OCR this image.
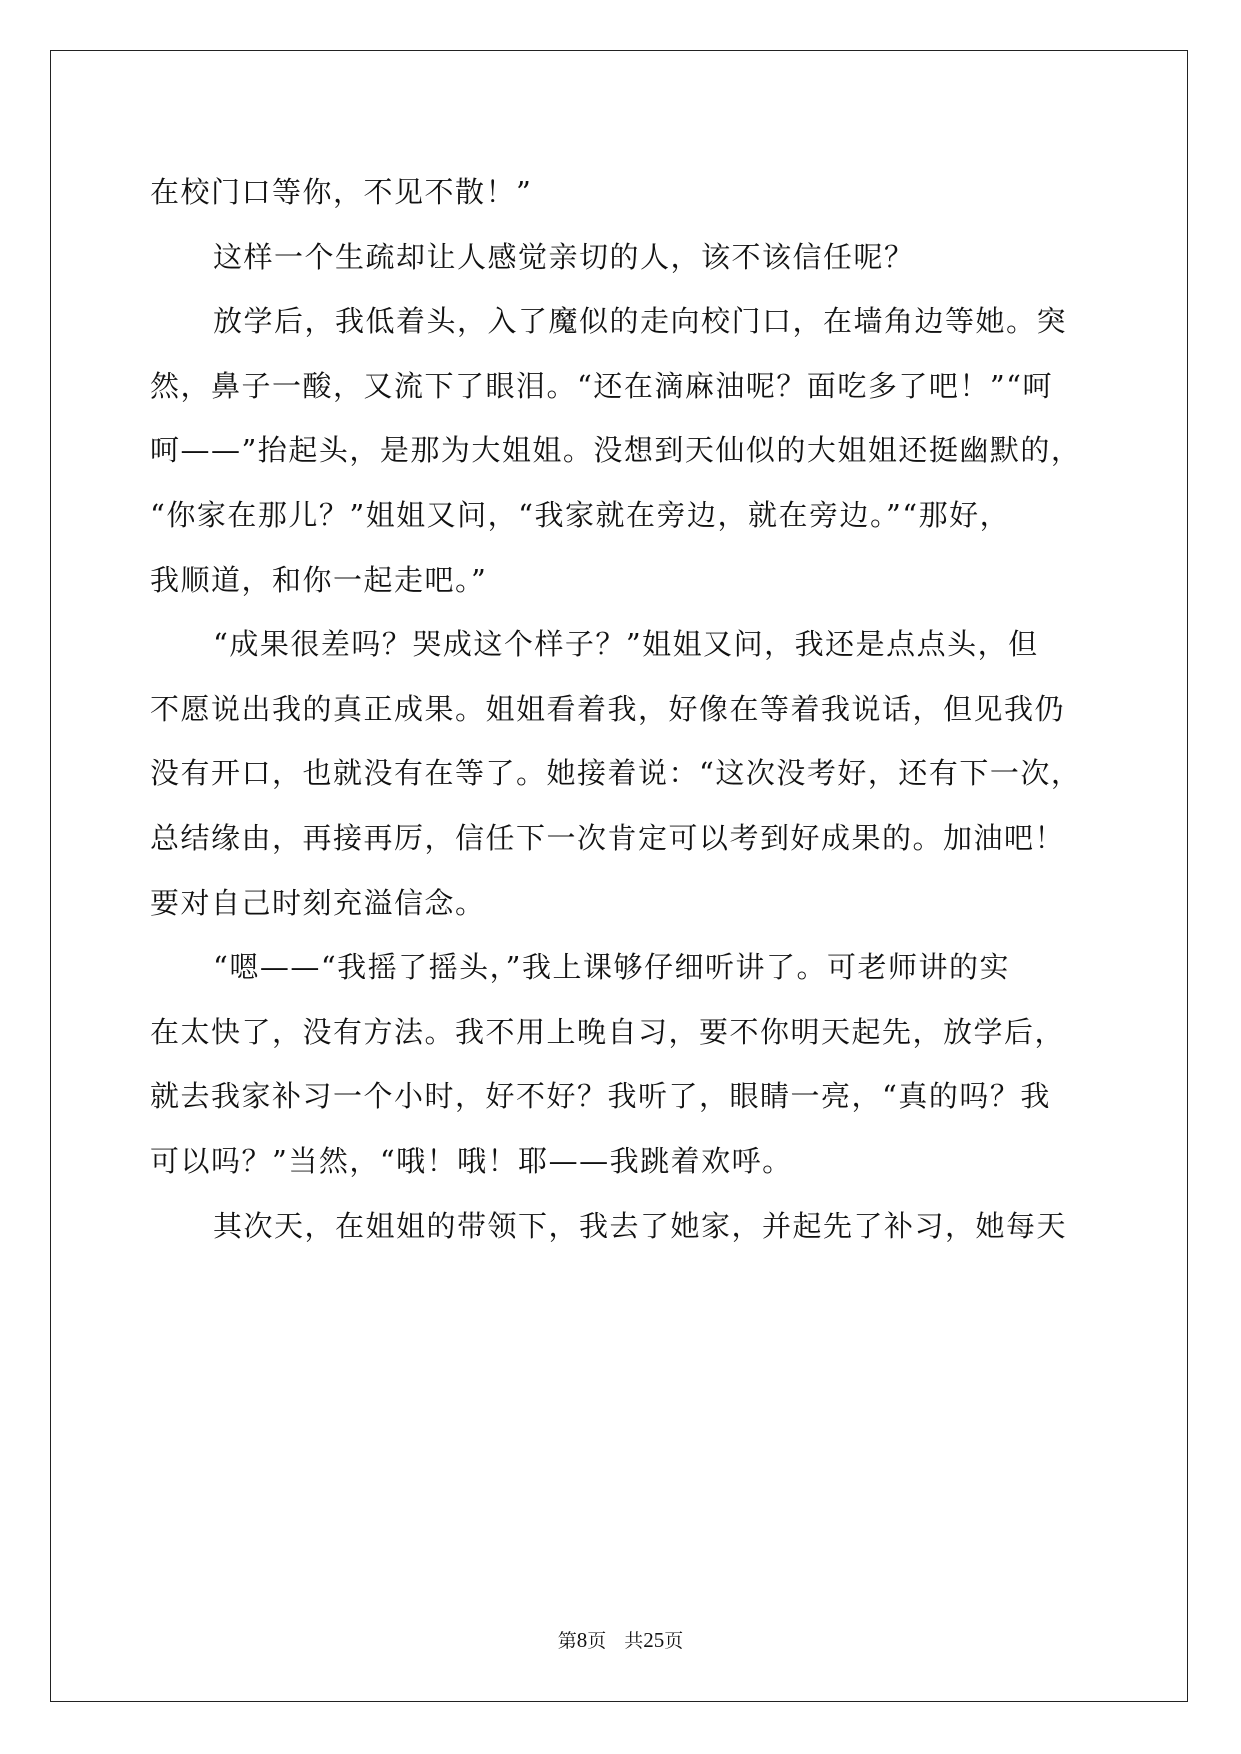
在校门口等你，不见不散！”
这样一个生疏却让人感觉亲切的人，该不该信任呢？
放学后，我低着头，入了魔似的走向校门口，在墙角边等她。突
然，鼻子一酸，又流下了眼泪。“还在滴麻油呢？面吃多了吧！”“呵
呵——”抬起头，是那为大姐姐。没想到天仙似的大姐姐还挺幽默的，
“你家在那儿？”姐姐又问，“我家就在旁边，就在旁边。”“那好，
我顺道，和你一起走吧。”
“成果很差吗？哭成这个样子？”姐姐又问，我还是点点头，但
不愿说出我的真正成果。姐姐看着我，好像在等着我说话，但见我仍
没有开口，也就没有在等了。她接着说：“这次没考好，还有下一次，
总结缘由，再接再厉，信任下一次肯定可以考到好成果的。加油吧！
要对自己时刻充溢信念。
“嗯——“我摇了摇头，”我上课够仔细听讲了。可老师讲的实
在太快了，没有方法。我不用上晚自习，要不你明天起先，放学后，
就去我家补习一个小时，好不好？我听了，眼睛一亮，“真的吗？我
可以吗？”当然，“哦！哦！耶——我跳着欢呼。
其次天，在姐姐的带领下，我去了她家，并起先了补习，她每天
第8页 共25页
